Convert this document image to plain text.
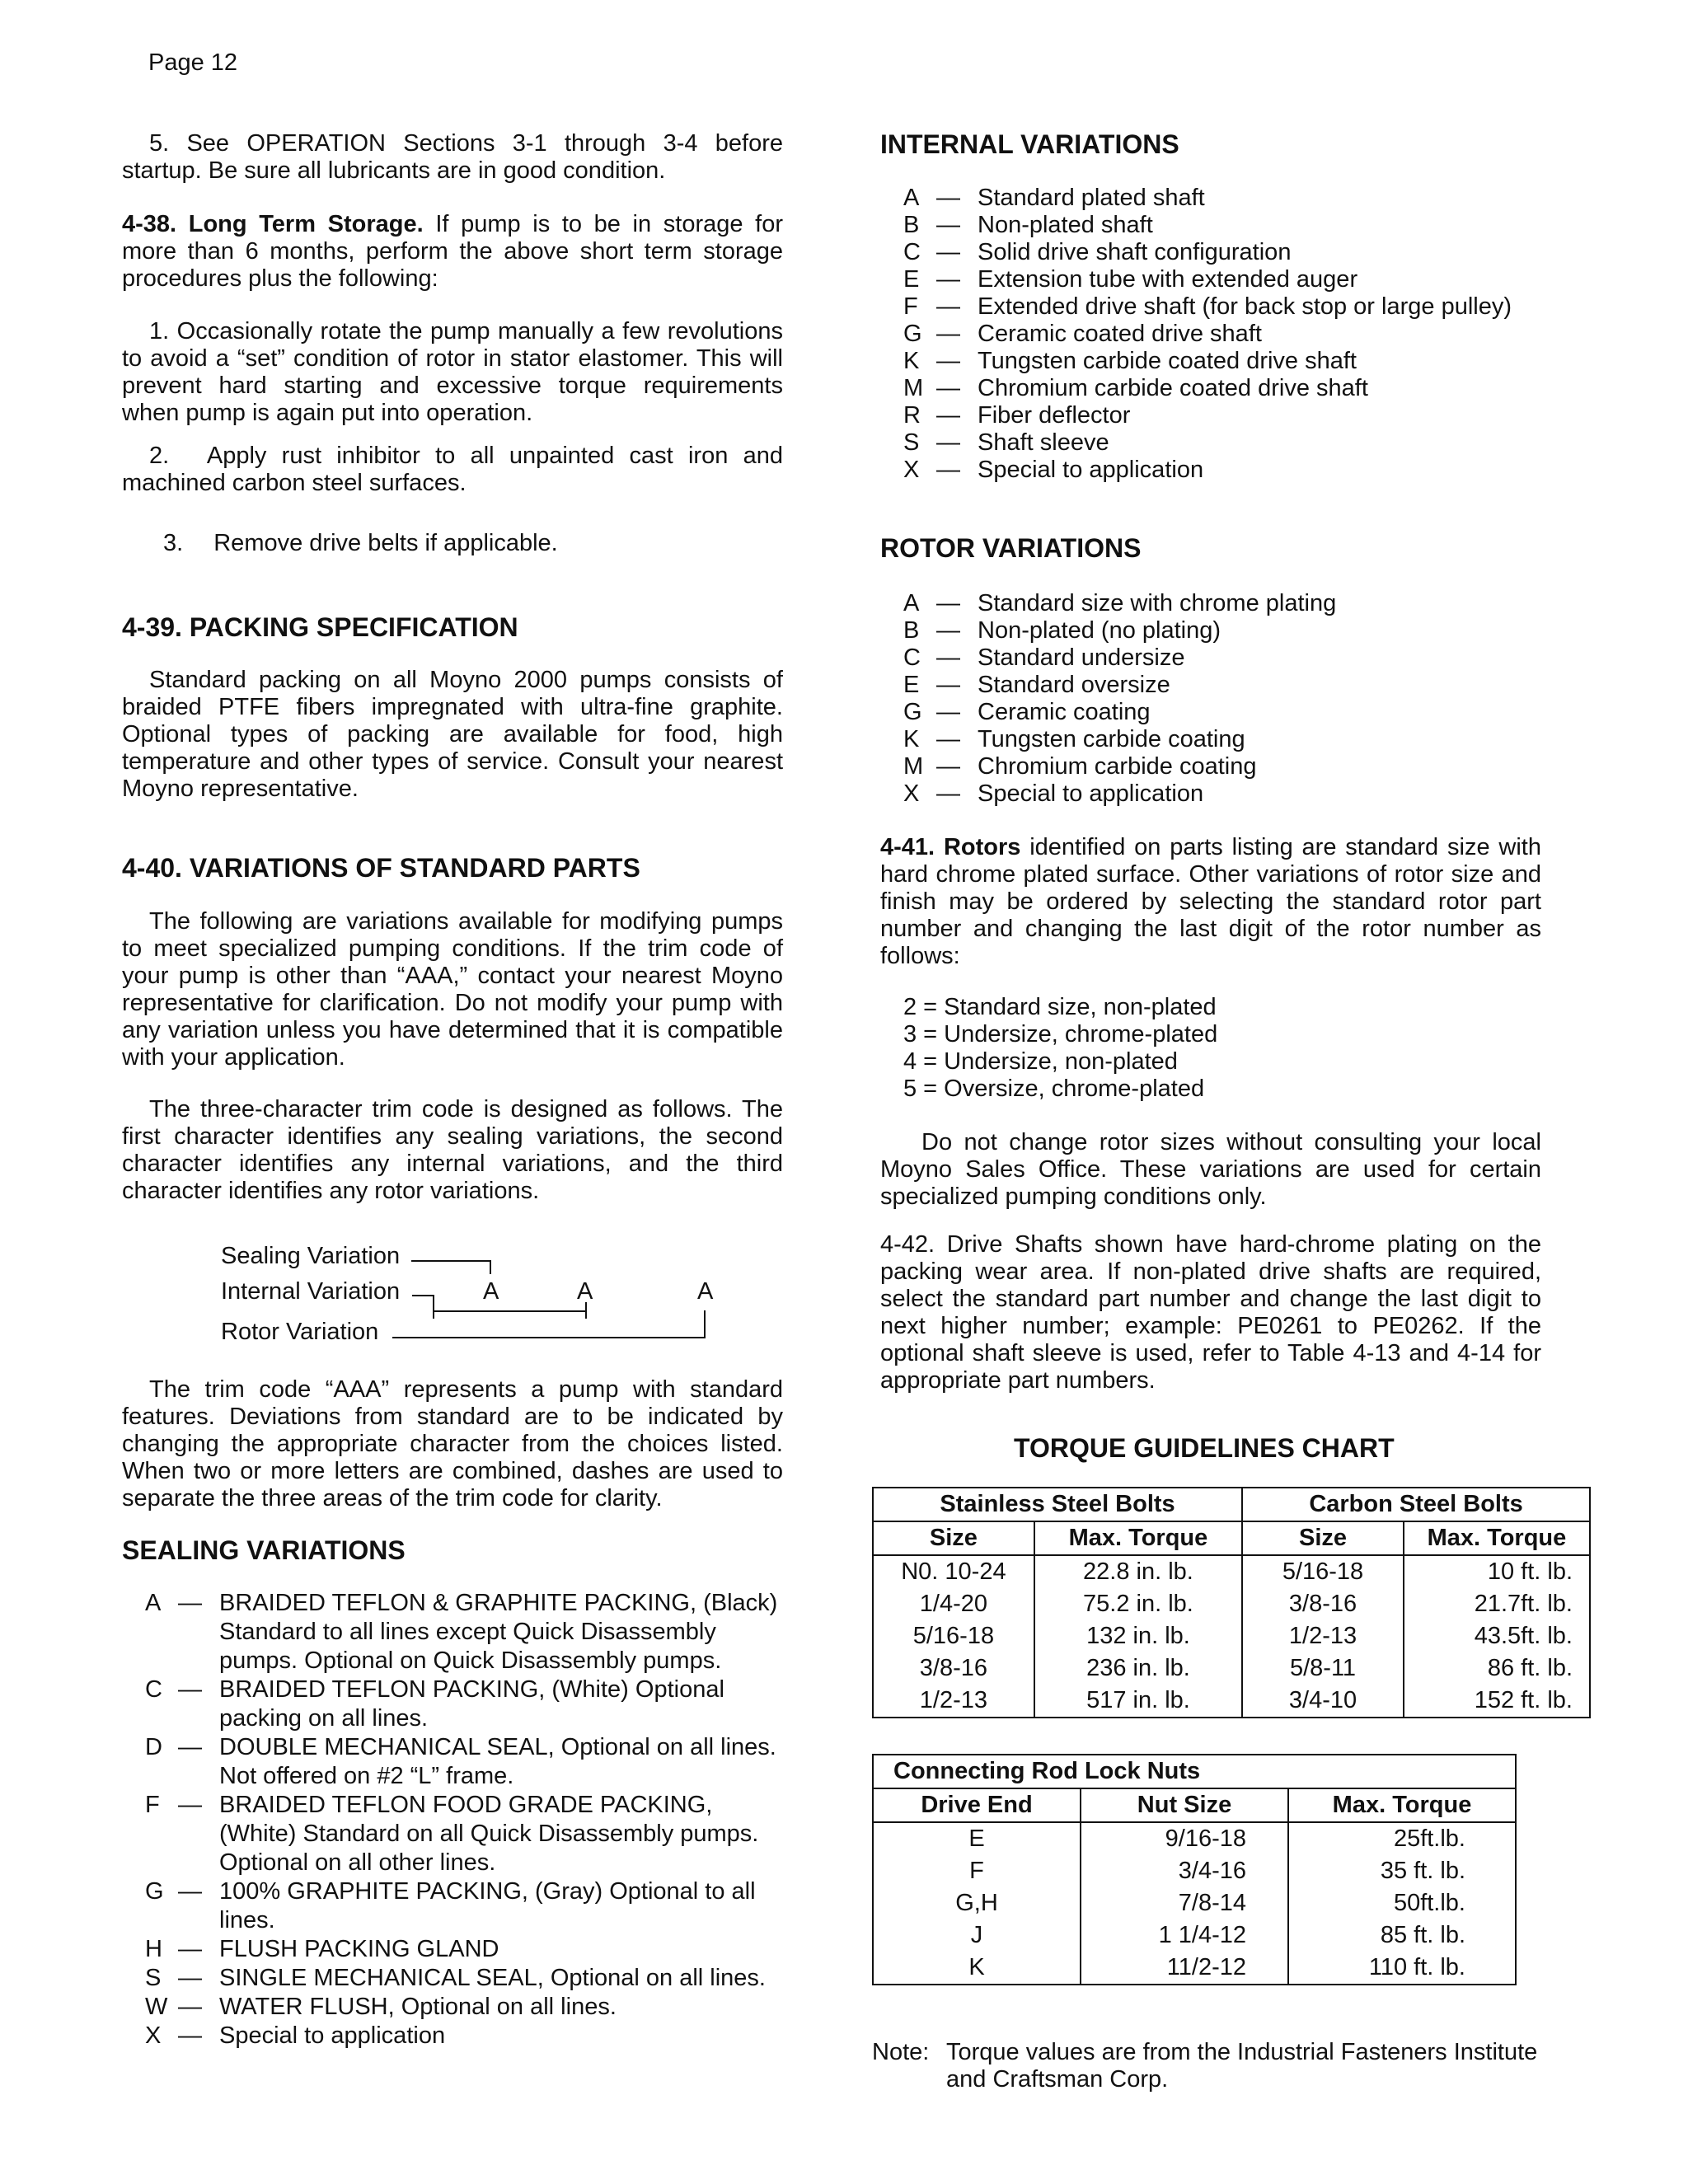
Page 12

5. See OPERATION Sections 3-1 through 3-4 before startup. Be sure all lubricants are in good condition.

4-38. Long Term Storage. If pump is to be in storage for more than 6 months, perform the above short term storage procedures plus the following:

1. Occasionally rotate the pump manually a few revolutions to avoid a “set” condition of rotor in stator elastomer. This will prevent hard starting and excessive torque requirements when pump is again put into operation.

2.  Apply rust inhibitor to all unpainted cast iron and machined carbon steel surfaces.

3.  Remove drive belts if applicable.

4-39. PACKING SPECIFICATION

Standard packing on all Moyno 2000 pumps consists of braided PTFE fibers impregnated with ultra-fine graphite. Optional types of packing are available for food, high temperature and other types of service. Consult your nearest Moyno representative.

4-40. VARIATIONS OF STANDARD PARTS

The following are variations available for modifying pumps to meet specialized pumping conditions. If the trim code of your pump is other than “AAA,” contact your nearest Moyno representative for clarification. Do not modify your pump with any variation unless you have determined that it is compatible with your application.

The three-character trim code is designed as follows. The first character identifies any sealing variations, the second character identifies any internal variations, and the third character identifies any rotor variations.

Sealing Variation
Internal Variation
Rotor Variation
A	A	A

The trim code “AAA” represents a pump with standard features. Deviations from standard are to be indicated by changing the appropriate character from the choices listed. When two or more letters are combined, dashes are used to separate the three areas of the trim code for clarity.

SEALING VARIATIONS
A — BRAIDED TEFLON & GRAPHITE PACKING, (Black) Standard to all lines except Quick Disassembly pumps. Optional on Quick Disassembly pumps.
C — BRAIDED TEFLON PACKING, (White) Optional packing on all lines.
D — DOUBLE MECHANICAL SEAL, Optional on all lines. Not offered on #2 “L” frame.
F — BRAIDED TEFLON FOOD GRADE PACKING, (White) Standard on all Quick Disassembly pumps. Optional on all other lines.
G — 100% GRAPHITE PACKING, (Gray) Optional to all lines.
H — FLUSH PACKING GLAND
S — SINGLE MECHANICAL SEAL, Optional on all lines.
W — WATER FLUSH, Optional on all lines.
X — Special to application
INTERNAL VARIATIONS
A — Standard plated shaft
B — Non-plated shaft
C — Solid drive shaft configuration
E — Extension tube with extended auger
F — Extended drive shaft (for back stop or large pulley)
G — Ceramic coated drive shaft
K — Tungsten carbide coated drive shaft
M — Chromium carbide coated drive shaft
R — Fiber deflector
S — Shaft sleeve
X — Special to application
ROTOR VARIATIONS
A — Standard size with chrome plating
B — Non-plated (no plating)
C — Standard undersize
E — Standard oversize
G — Ceramic coating
K — Tungsten carbide coating
M — Chromium carbide coating
X — Special to application

4-41. Rotors identified on parts listing are standard size with hard chrome plated surface. Other variations of rotor size and finish may be ordered by selecting the standard rotor part number and changing the last digit of the rotor number as follows:

2 = Standard size, non-plated
3 = Undersize, chrome-plated
4 = Undersize, non-plated
5 = Oversize, chrome-plated

Do not change rotor sizes without consulting your local Moyno Sales Office. These variations are used for certain specialized pumping conditions only.

4-42. Drive Shafts shown have hard-chrome plating on the packing wear area. If non-plated drive shafts are required, select the standard part number and change the last digit to next higher number; example: PE0261 to PE0262. If the optional shaft sleeve is used, refer to Table 4-13 and 4-14 for appropriate part numbers.

TORQUE GUIDELINES CHART
Stainless Steel Bolts		Carbon Steel Bolts	
Size	Max. Torque	Size	Max. Torque
N0. 10-24	22.8 in. lb.	5/16-18	10 ft. lb.
1/4-20	75.2 in. lb.	3/8-16	21.7ft. lb.
5/16-18	132 in. lb.	1/2-13	43.5ft. lb.
3/8-16	236 in. lb.	5/8-11	86 ft. lb.
1/2-13	517 in. lb.	3/4-10	152 ft. lb.
Connecting Rod Lock Nuts		
Drive End	Nut Size	Max. Torque
E	9/16-18	25ft.lb.
F	3/4-16	35 ft. lb.
G,H	7/8-14	50ft.lb.
J	1 1/4-12	85 ft. lb.
K	11/2-12	110 ft. lb.
Note: Torque values are from the Industrial Fasteners Institute and Craftsman Corp.
